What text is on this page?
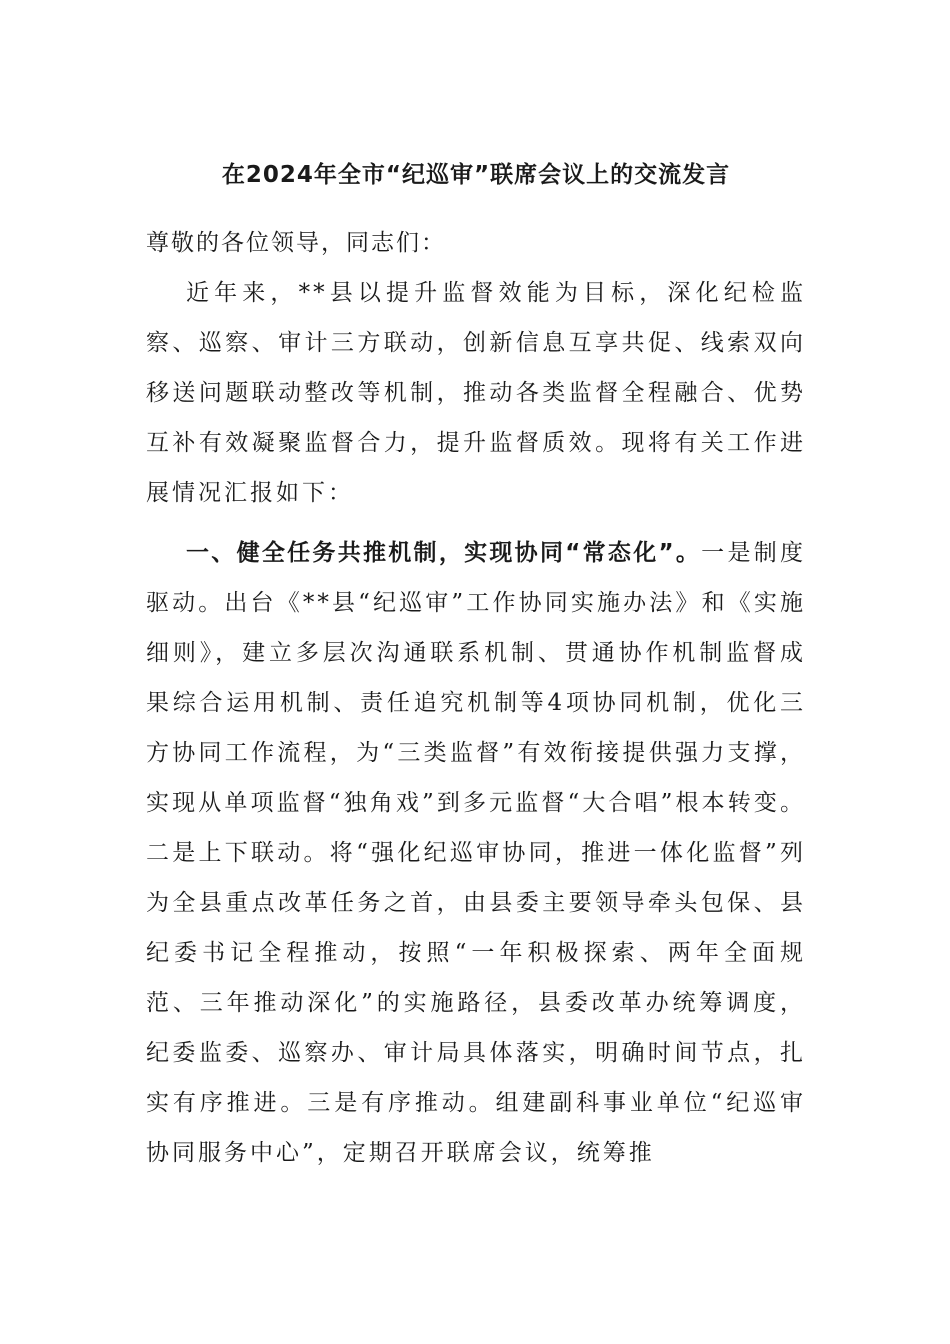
在2024年全市“纪巡审”联席会议上的交流发言

尊敬的各位领导，同志们：

近年来，**县以提升监督效能为目标，深化纪检监察、巡察、审计三方联动，创新信息互享共促、线索双向移送问题联动整改等机制，推动各类监督全程融合、优势互补有效凝聚监督合力，提升监督质效。现将有关工作进展情况汇报如下：

一、健全任务共推机制，实现协同“常态化”。一是制度驱动。出台《**县“纪巡审”工作协同实施办法》和《实施细则》，建立多层次沟通联系机制、贯通协作机制监督成果综合运用机制、责任追究机制等4项协同机制，优化三方协同工作流程，为“三类监督”有效衔接提供强力支撑，实现从单项监督“独角戏”到多元监督“大合唱”根本转变。二是上下联动。将“强化纪巡审协同，推进一体化监督”列为全县重点改革任务之首，由县委主要领导牵头包保、县纪委书记全程推动，按照“一年积极探索、两年全面规范、三年推动深化”的实施路径，县委改革办统筹调度，纪委监委、巡察办、审计局具体落实，明确时间节点，扎实有序推进。三是有序推动。组建副科事业单位“纪巡审协同服务中心”，定期召开联席会议，统筹推
